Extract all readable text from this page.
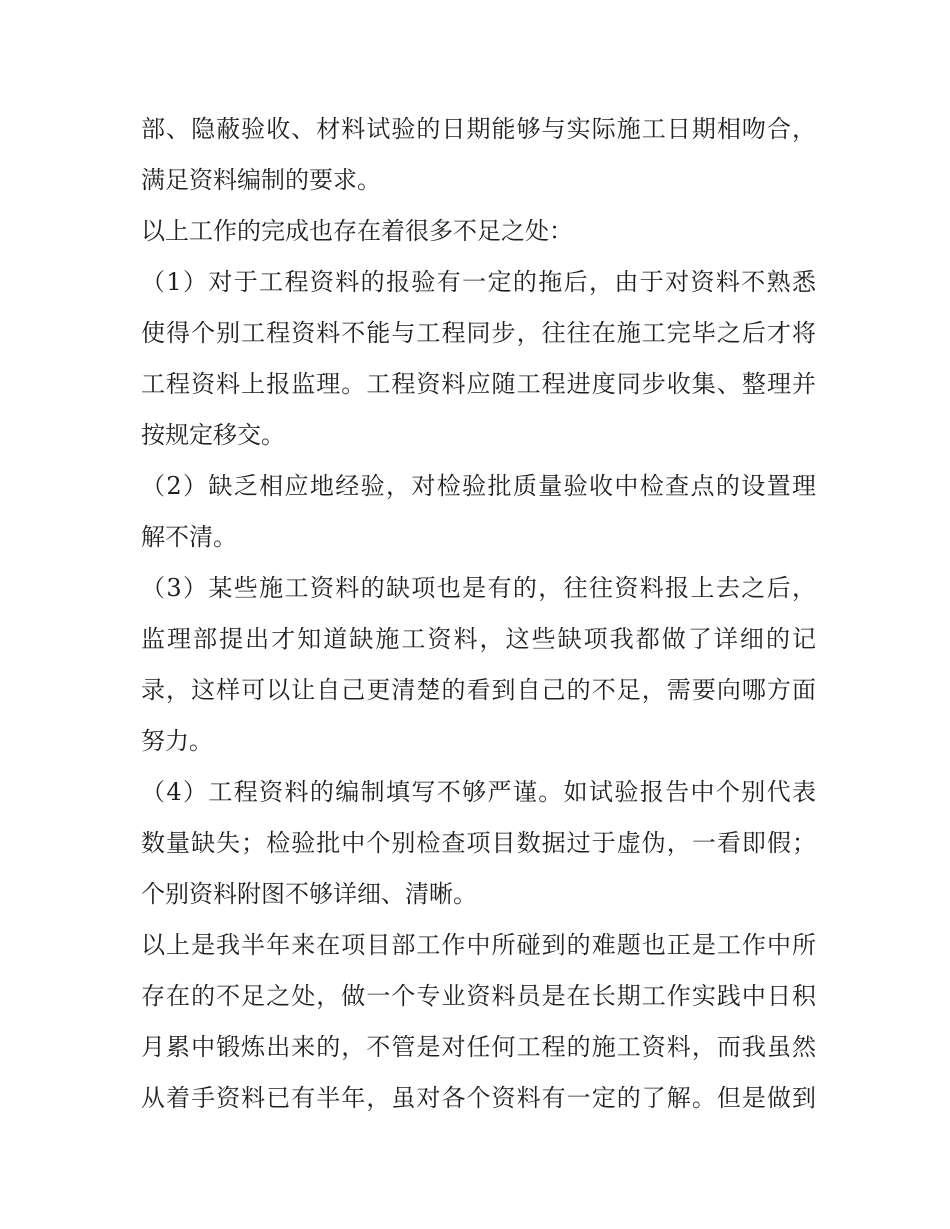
部、隐蔽验收、材料试验的日期能够与实际施工日期相吻合，
满足资料编制的要求。
以上工作的完成也存在着很多不足之处：
（1）对于工程资料的报验有一定的拖后，由于对资料不熟悉
使得个别工程资料不能与工程同步，往往在施工完毕之后才将
工程资料上报监理。工程资料应随工程进度同步收集、整理并
按规定移交。
（2）缺乏相应地经验，对检验批质量验收中检查点的设置理
解不清。
（3）某些施工资料的缺项也是有的，往往资料报上去之后，
监理部提出才知道缺施工资料，这些缺项我都做了详细的记
录，这样可以让自己更清楚的看到自己的不足，需要向哪方面
努力。
（4）工程资料的编制填写不够严谨。如试验报告中个别代表
数量缺失；检验批中个别检查项目数据过于虚伪，一看即假；
个别资料附图不够详细、清晰。
以上是我半年来在项目部工作中所碰到的难题也正是工作中所
存在的不足之处，做一个专业资料员是在长期工作实践中日积
月累中锻炼出来的，不管是对任何工程的施工资料，而我虽然
从着手资料已有半年，虽对各个资料有一定的了解。但是做到
